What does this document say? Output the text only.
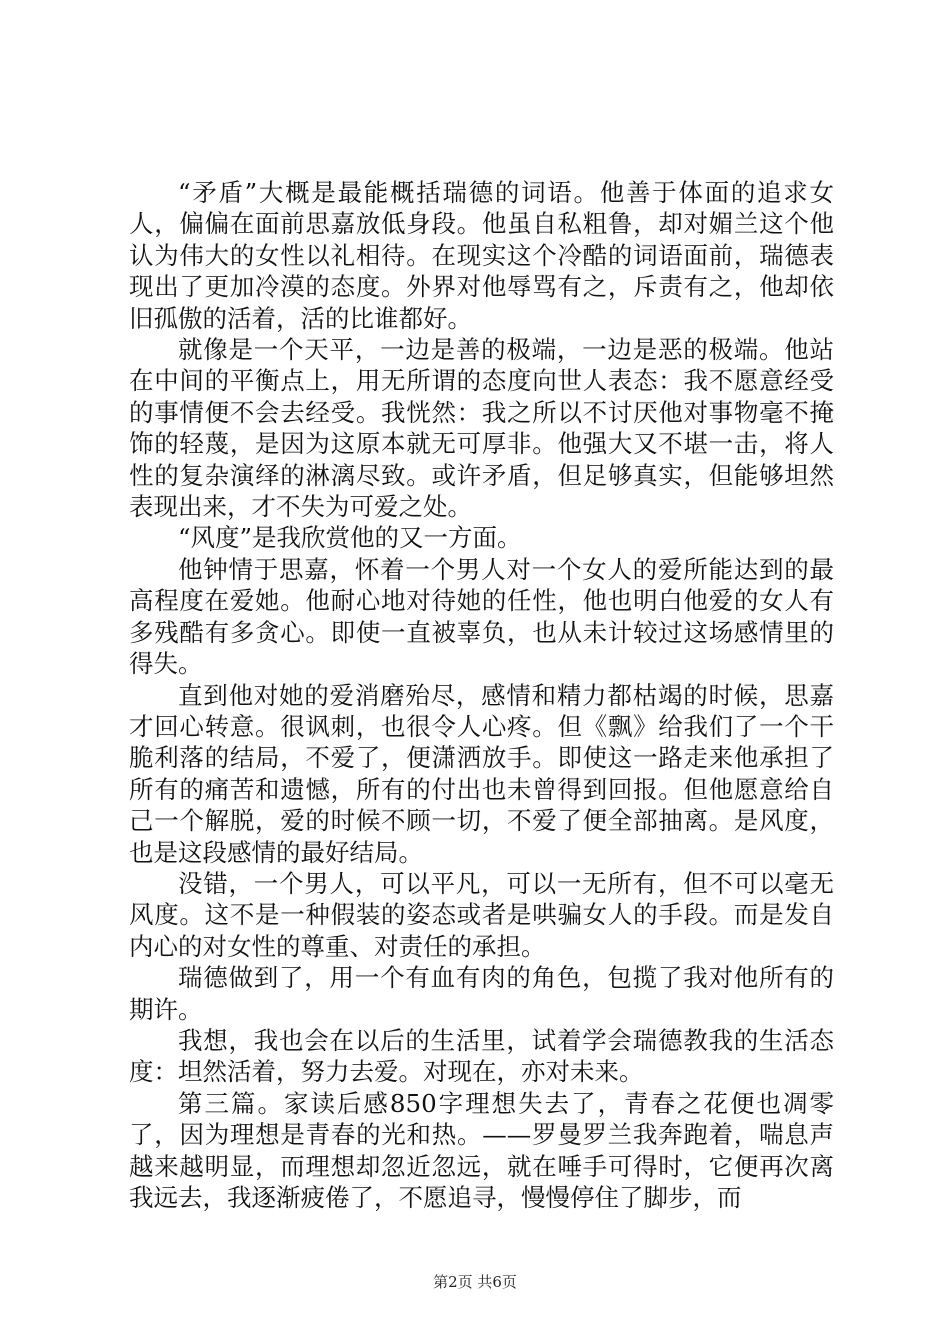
“矛盾”大概是最能概括瑞德的词语。他善于体面的追求女人，偏偏在面前思嘉放低身段。他虽自私粗鲁，却对媚兰这个他认为伟大的女性以礼相待。在现实这个冷酷的词语面前，瑞德表现出了更加冷漠的态度。外界对他辱骂有之，斥责有之，他却依旧孤傲的活着，活的比谁都好。

就像是一个天平，一边是善的极端，一边是恶的极端。他站在中间的平衡点上，用无所谓的态度向世人表态：我不愿意经受的事情便不会去经受。我恍然：我之所以不讨厌他对事物毫不掩饰的轻蔑，是因为这原本就无可厚非。他强大又不堪一击，将人性的复杂演绎的淋漓尽致。或许矛盾，但足够真实，但能够坦然表现出来，才不失为可爱之处。

“风度”是我欣赏他的又一方面。

他钟情于思嘉，怀着一个男人对一个女人的爱所能达到的最高程度在爱她。他耐心地对待她的任性，他也明白他爱的女人有多残酷有多贪心。即使一直被辜负，也从未计较过这场感情里的得失。

直到他对她的爱消磨殆尽，感情和精力都枯竭的时候，思嘉才回心转意。很讽刺，也很令人心疼。但《飘》给我们了一个干脆利落的结局，不爱了，便潇洒放手。即使这一路走来他承担了所有的痛苦和遗憾，所有的付出也未曾得到回报。但他愿意给自己一个解脱，爱的时候不顾一切，不爱了便全部抽离。是风度，也是这段感情的最好结局。

没错，一个男人，可以平凡，可以一无所有，但不可以毫无风度。这不是一种假装的姿态或者是哄骗女人的手段。而是发自内心的对女性的尊重、对责任的承担。

瑞德做到了，用一个有血有肉的角色，包揽了我对他所有的期许。

我想，我也会在以后的生活里，试着学会瑞德教我的生活态度：坦然活着，努力去爱。对现在，亦对未来。

第三篇。家读后感850字理想失去了，青春之花便也凋零了，因为理想是青春的光和热。——罗曼罗兰我奔跑着，喘息声越来越明显，而理想却忽近忽远，就在唾手可得时，它便再次离我远去，我逐渐疲倦了，不愿追寻，慢慢停住了脚步，而

第2页 共6页
